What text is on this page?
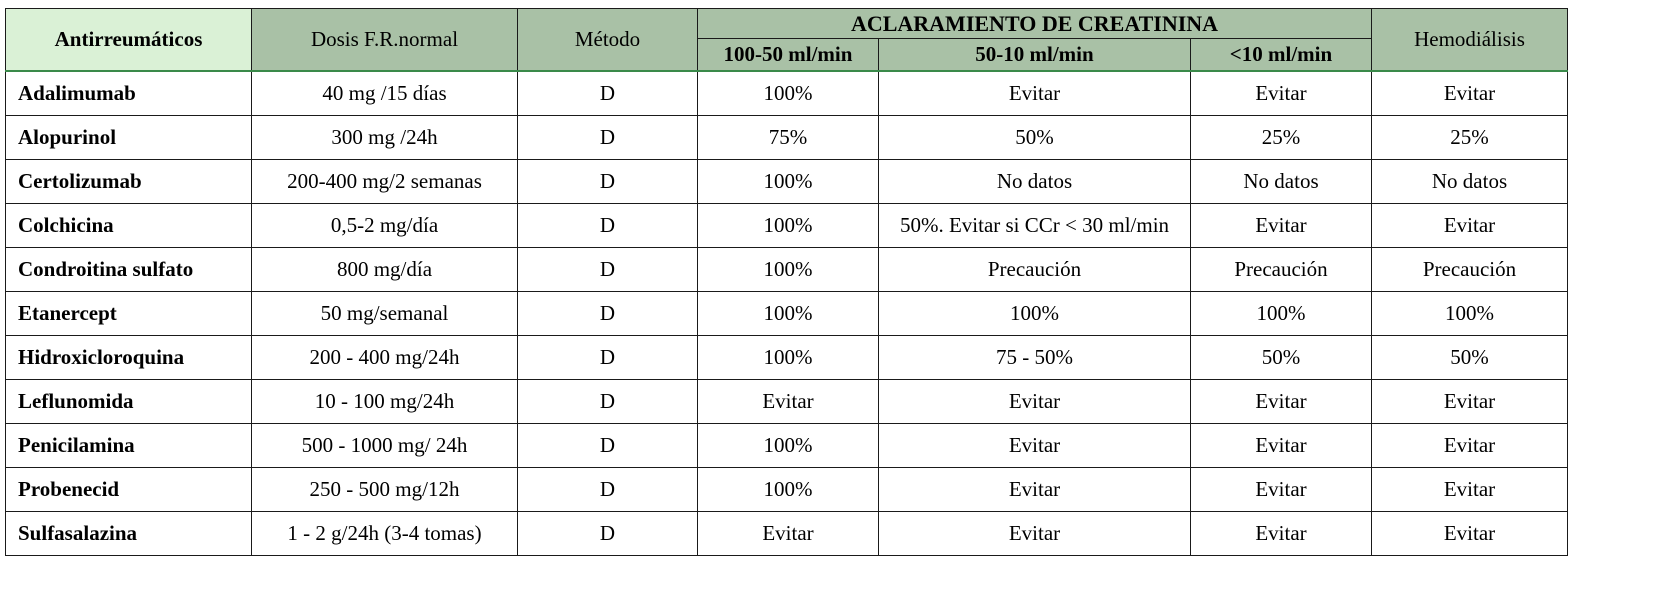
Antirreumáticos	Dosis F.R.normal	Método	ACLARAMIENTO DE CREATININA			Hemodiálisis
			100-50 ml/min	50-10 ml/min	<10 ml/min	
Adalimumab	40 mg /15 días	D	100%	Evitar	Evitar	Evitar
Alopurinol	300 mg /24h	D	75%	50%	25%	25%
Certolizumab	200-400 mg/2 semanas	D	100%	No datos	No datos	No datos
Colchicina	0,5-2 mg/día	D	100%	50%. Evitar si CCr < 30 ml/min	Evitar	Evitar
Condroitina sulfato	800 mg/día	D	100%	Precaución	Precaución	Precaución
Etanercept	50 mg/semanal	D	100%	100%	100%	100%
Hidroxicloroquina	200 - 400 mg/24h	D	100%	75 - 50%	50%	50%
Leflunomida	10 - 100 mg/24h	D	Evitar	Evitar	Evitar	Evitar
Penicilamina	500 - 1000 mg/ 24h	D	100%	Evitar	Evitar	Evitar
Probenecid	250 - 500 mg/12h	D	100%	Evitar	Evitar	Evitar
Sulfasalazina	1 - 2 g/24h (3-4 tomas)	D	Evitar	Evitar	Evitar	Evitar
